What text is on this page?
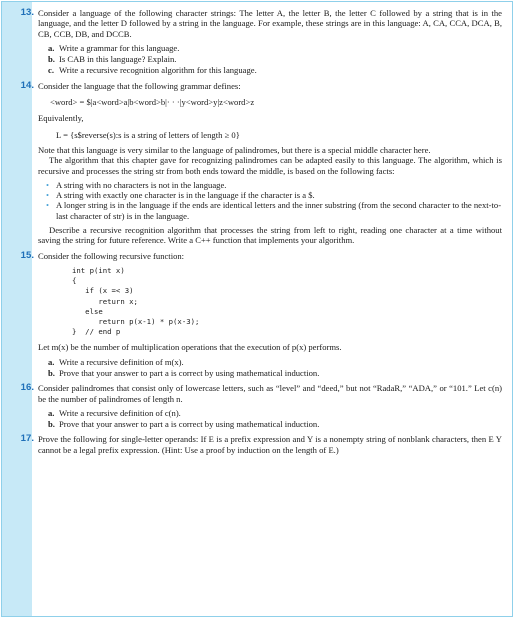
13. Consider a language of the following character strings: The letter A, the letter B, the letter C followed by a string that is in the language, and the letter D followed by a string in the language. For example, these strings are in this language: A, CA, CCA, DCA, B, CB, CCB, DB, and DCCB.

a. Write a grammar for this language.
b. Is CAB in this language? Explain.
c. Write a recursive recognition algorithm for this language.
14. Consider the language that the following grammar defines:

<word> = $|a<word>a|b<word>b|· · ·|y<word>y|z<word>z

Equivalently,

L = {s$reverse(s):s is a string of letters of length ≥ 0}

Note that this language is very similar to the language of palindromes, but there is a special middle character here.

The algorithm that this chapter gave for recognizing palindromes can be adapted easily to this language. The algorithm, which is recursive and processes the string str from both ends toward the middle, is based on the following facts:

• A string with no characters is not in the language.
• A string with exactly one character is in the language if the character is a $.
• A longer string is in the language if the ends are identical letters and the inner substring (from the second character to the next-to-last character of str) is in the language.

Describe a recursive recognition algorithm that processes the string from left to right, reading one character at a time without saving the string for future reference. Write a C++ function that implements your algorithm.

15. Consider the following recursive function:

int p(int x)
{
if (x =< 3)
return x;
else
return p(x-1) * p(x-3);
}  // end p

Let m(x) be the number of multiplication operations that the execution of p(x) performs.

a. Write a recursive definition of m(x).
b. Prove that your answer to part a is correct by using mathematical induction.
16. Consider palindromes that consist only of lowercase letters, such as “level” and “deed,” but not “RadaR,” “ADA,” or “101.” Let c(n) be the number of palindromes of length n.

a. Write a recursive definition of c(n).
b. Prove that your answer to part a is correct by using mathematical induction.
17. Prove the following for single-letter operands: If E is a prefix expression and Y is a nonempty string of nonblank characters, then E Y cannot be a legal prefix expression. (Hint: Use a proof by induction on the length of E.)
